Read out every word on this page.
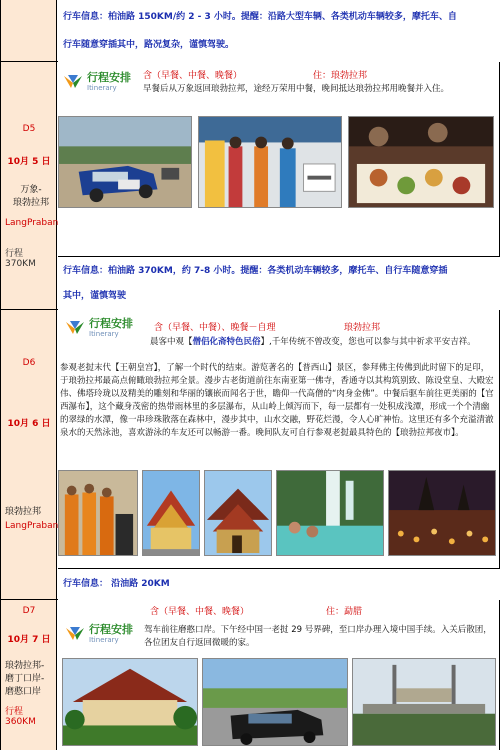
行车信息：柏油路 150KM/约 2 - 3 小时。提醒：沿路大型车辆、各类机动车辆较多，摩托车、自
行车随意穿插其中，路况复杂，谨慎驾驶。
D5
10月 5 日
万象-
琅勃拉邦
LangPraban
行程 370KM
行程安排
Itinerary
含（早餐、中餐、晚餐）	住：琅勃拉邦
早餐后从万象返回琅勃拉邦，途经万荣用中餐，晚间抵达琅勃拉邦用晚餐并入住。
行车信息：柏油路 370KM，约 7-8 小时。提醒：各类机动车辆较多，摩托车、自行车随意穿插
其中，谨慎驾驶
D6
10月 6 日
琅勃拉邦
LangPraban
行程安排
Itinerary
含（早餐、中餐）、晚餐－自理	琅勃拉邦
晨客中观【僧侣化斋特色民俗】,千年传统不曾改变，您也可以参与其中祈求平安吉祥。
参观老挝末代【王朝皇宫】，了解一个时代的结束。游览著名的【普西山】景区，参拜佛主传佛到此时留下的足印，于琅勃拉邦最高点俯瞰琅勃拉邦全景。漫步古老街道前往东南亚第一佛寺，香通寺以其构筑别致、陈设堂皇、大殿宏伟、佛塔玲珑以及精美的雕刻和华丽的镶嵌而闻名于世，瞻仰一代高僧的“肉身金佛”。中餐后驱车前往更美丽的【官西瀑布】，这个藏身茂密的热带雨林里的多层瀑布，从山岭上倾泻而下，每一层都有一处积成浅潭，形成一个个清幽的翠绿的水潭，像一串珍珠散落在森林中，漫步其中，山水交融，野花烂漫，令人心旷神怡。这里还有多个充溢清澈泉水的天然泳池，喜欢游泳的车友还可以畅游一番。晚间队友可自行参观老挝最具特色的【琅勃拉邦夜市】。
行车信息： 沿油路 20KM
D7
10月 7 日
琅勃拉邦-
磨丁口岸-
磨憨口岸
行程 360KM
含（早餐、中餐、晚餐）	住：勐腊
行程安排
Itinerary
驾车前往磨憨口岸。下午经中国一老挝 29 号界碑，至口岸办理入境中国手续。入关后散团，各位团友自行返回微暖的家。
